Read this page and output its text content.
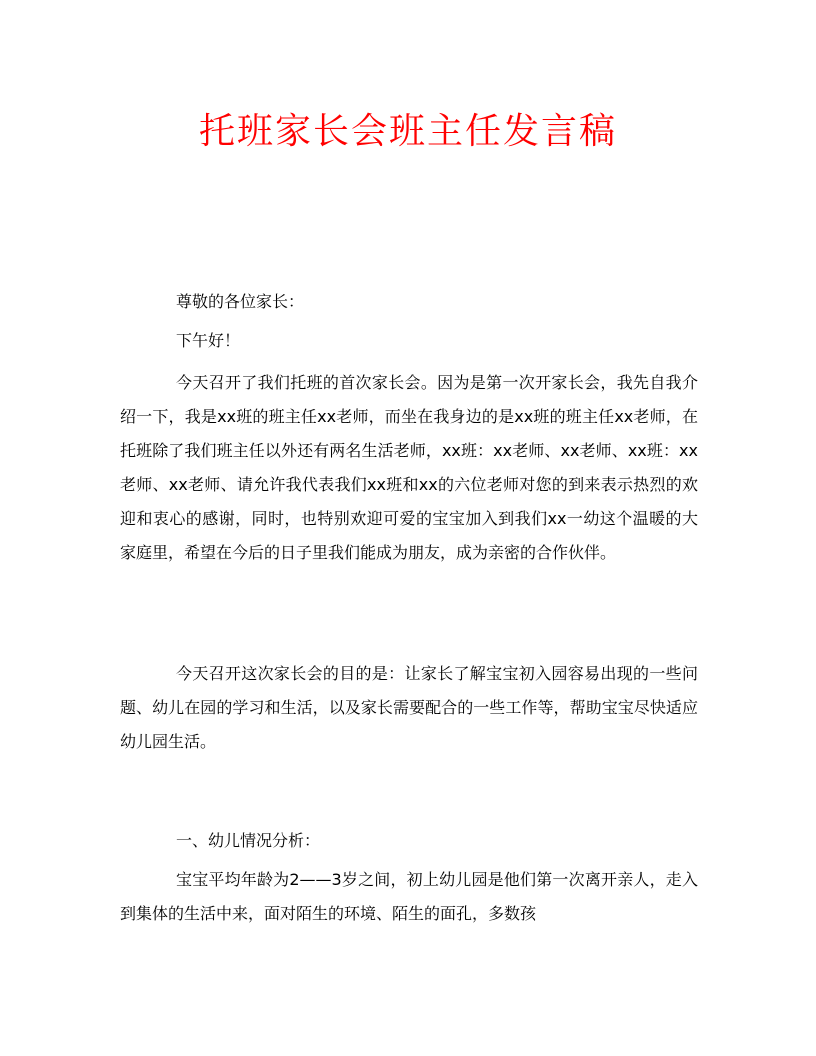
托班家长会班主任发言稿

尊敬的各位家长：

下午好！

今天召开了我们托班的首次家长会。因为是第一次开家长会，我先自我介绍一下，我是xx班的班主任xx老师，而坐在我身边的是xx班的班主任xx老师，在托班除了我们班主任以外还有两名生活老师，xx班：xx老师、xx老师、xx班：xx老师、xx老师、请允许我代表我们xx班和xx的六位老师对您的到来表示热烈的欢迎和衷心的感谢，同时，也特别欢迎可爱的宝宝加入到我们xx一幼这个温暖的大家庭里，希望在今后的日子里我们能成为朋友，成为亲密的合作伙伴。

今天召开这次家长会的目的是：让家长了解宝宝初入园容易出现的一些问题、幼儿在园的学习和生活，以及家长需要配合的一些工作等，帮助宝宝尽快适应幼儿园生活。

一、幼儿情况分析：

宝宝平均年龄为2——3岁之间，初上幼儿园是他们第一次离开亲人，走入到集体的生活中来，面对陌生的环境、陌生的面孔，多数孩
